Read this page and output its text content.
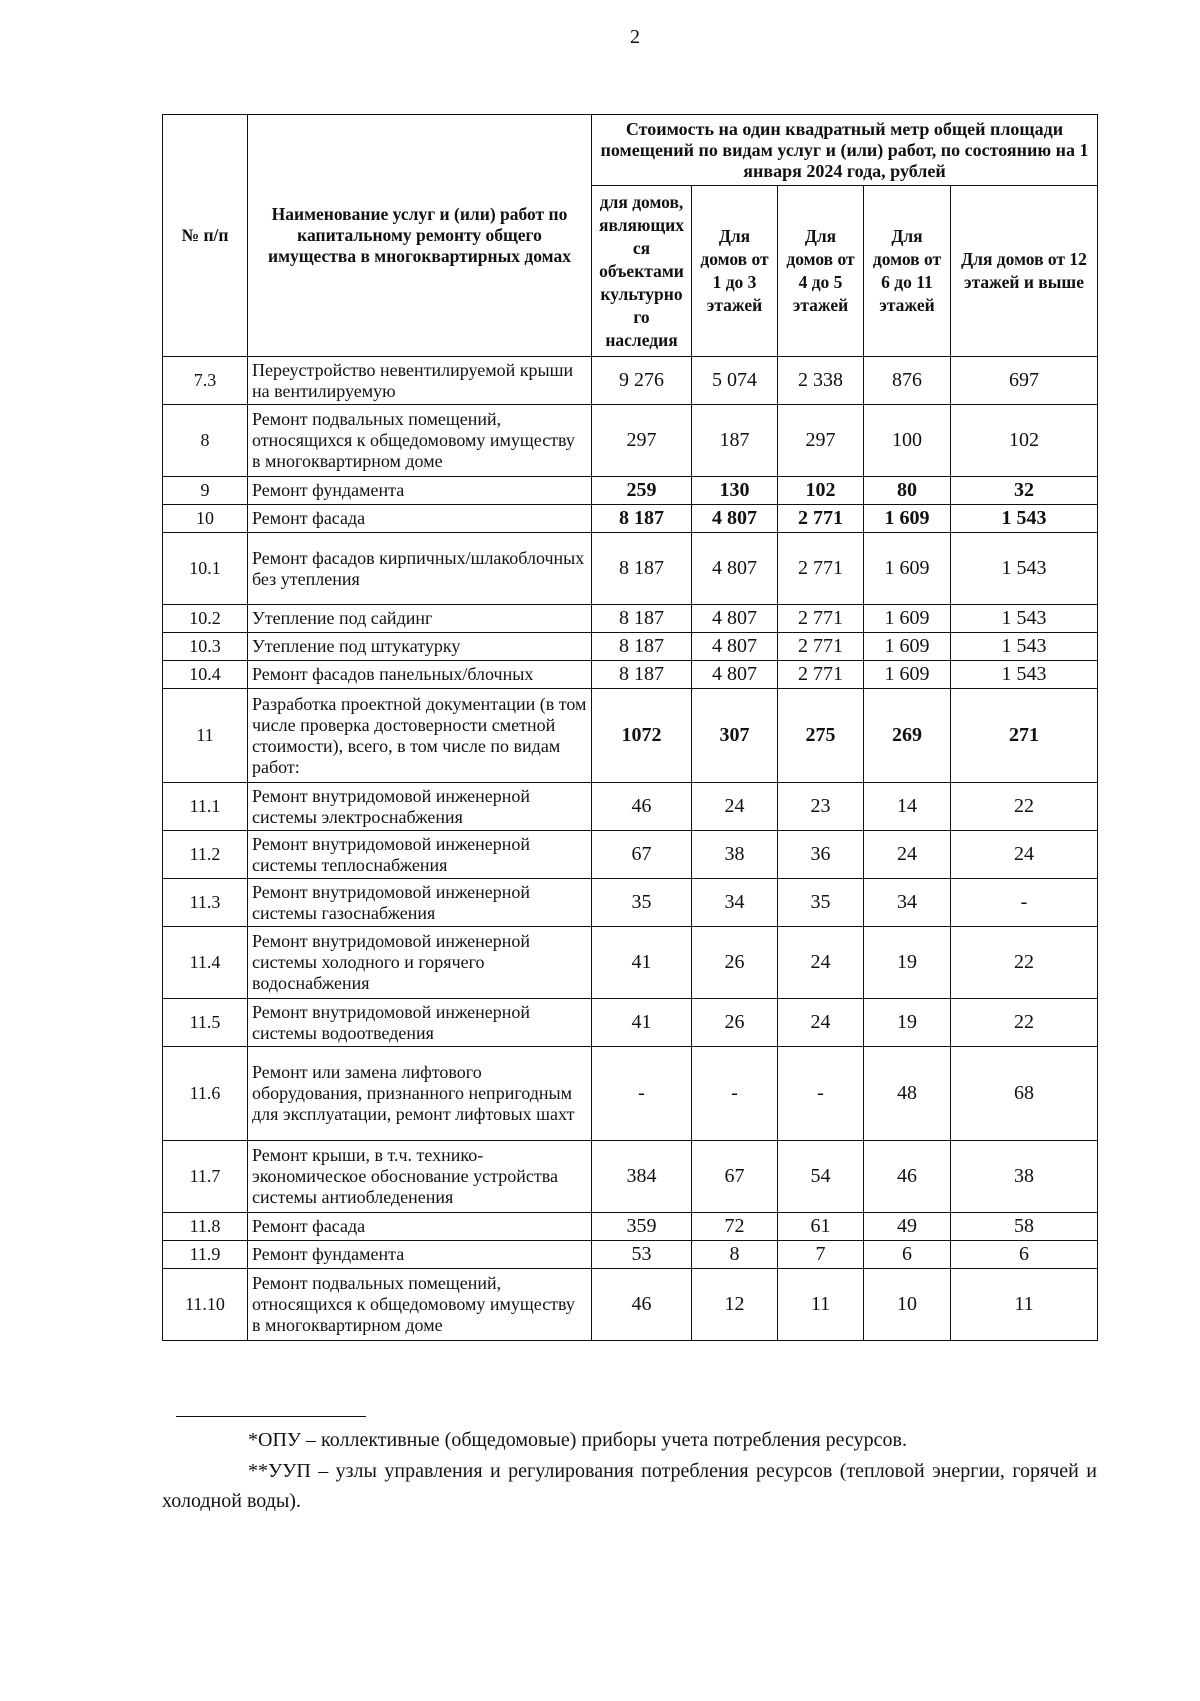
2
№ п/п	Наименование услуг и (или) работ по капитальному ремонту общего имущества в многоквартирных домах	Стоимость на один квадратный метр общей площади помещений по видам услуг и (или) работ, по состоянию на 1 января 2024 года, рублей				
		для домов, являющих ся объектами культурно го наследия	Для домов от 1 до 3 этажей	Для домов от 4 до 5 этажей	Для домов от 6 до 11 этажей	Для домов от 12 этажей и выше
7.3	Переустройство невентилируемой крыши на вентилируемую	9 276	5 074	2 338	876	697
8	Ремонт подвальных помещений, относящихся к общедомовому имуществу в многоквартирном доме	297	187	297	100	102
9	Ремонт фундамента	259	130	102	80	32
10	Ремонт фасада	8 187	4 807	2 771	1 609	1 543
10.1	Ремонт фасадов кирпичных/шлакоблочных без утепления	8 187	4 807	2 771	1 609	1 543
10.2	Утепление под сайдинг	8 187	4 807	2 771	1 609	1 543
10.3	Утепление под штукатурку	8 187	4 807	2 771	1 609	1 543
10.4	Ремонт фасадов панельных/блочных	8 187	4 807	2 771	1 609	1 543
11	Разработка проектной документации (в том числе проверка достоверности сметной стоимости), всего, в том числе по видам работ:	1072	307	275	269	271
11.1	Ремонт внутридомовой инженерной системы электроснабжения	46	24	23	14	22
11.2	Ремонт внутридомовой инженерной системы теплоснабжения	67	38	36	24	24
11.3	Ремонт внутридомовой инженерной системы газоснабжения	35	34	35	34	-
11.4	Ремонт внутридомовой инженерной системы холодного и горячего водоснабжения	41	26	24	19	22
11.5	Ремонт внутридомовой инженерной системы водоотведения	41	26	24	19	22
11.6	Ремонт или замена лифтового оборудования, признанного непригодным для эксплуатации, ремонт лифтовых шахт	-	-	-	48	68
11.7	Ремонт крыши, в т.ч. технико-экономическое обоснование устройства системы антиобледенения	384	67	54	46	38
11.8	Ремонт фасада	359	72	61	49	58
11.9	Ремонт фундамента	53	8	7	6	6
11.10	Ремонт подвальных помещений, относящихся к общедомовому имуществу в многоквартирном доме	46	12	11	10	11
*ОПУ – коллективные (общедомовые) приборы учета потребления ресурсов.
**УУП – узлы управления и регулирования потребления ресурсов (тепловой энергии, горячей и холодной воды).
